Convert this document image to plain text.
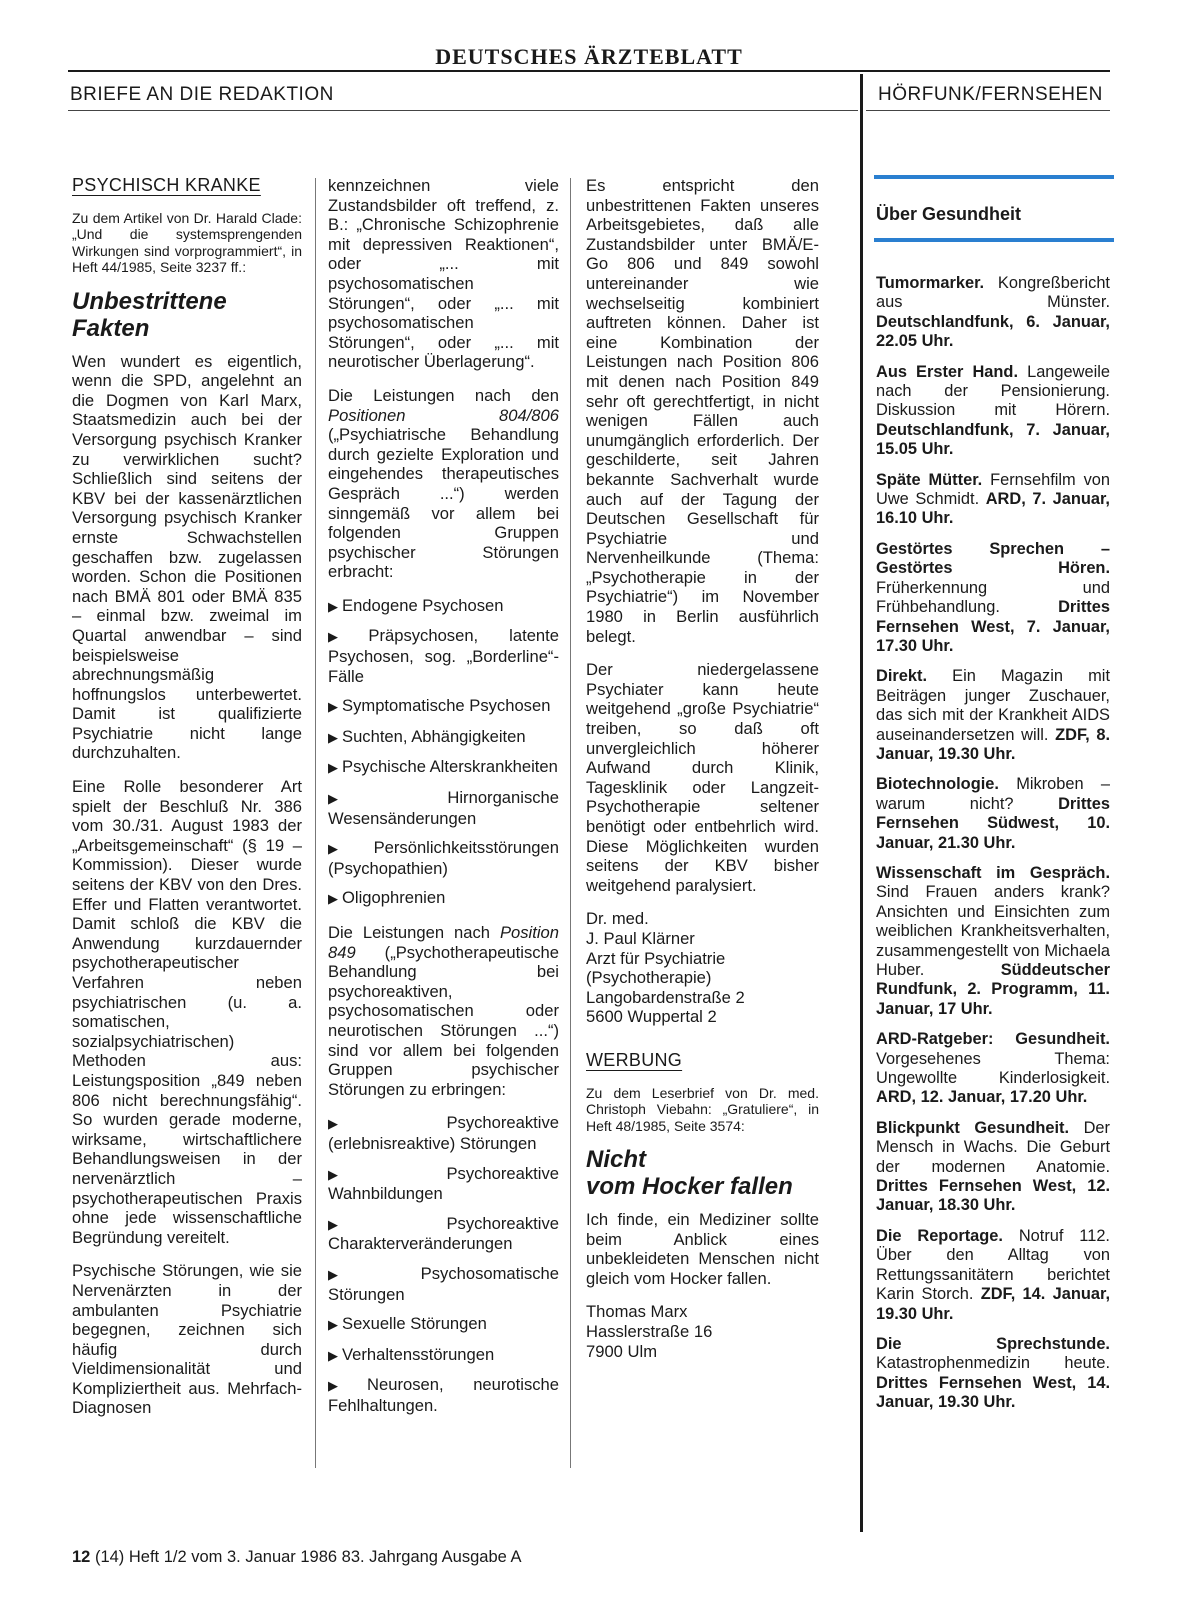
DEUTSCHES ÄRZTEBLATT
BRIEFE AN DIE REDAKTION	HÖRFUNK/FERNSEHEN
PSYCHISCH KRANKE
Zu dem Artikel von Dr. Harald Clade: „Und die systemsprengenden Wirkungen sind vorprogrammiert“, in Heft 44/1985, Seite 3237 ff.:
Unbestrittene
Fakten

Wen wundert es eigentlich, wenn die SPD, angelehnt an die Dogmen von Karl Marx, Staatsmedizin auch bei der Versorgung psychisch Kranker zu verwirklichen sucht? Schließlich sind seitens der KBV bei der kassenärztlichen Versorgung psychisch Kranker ernste Schwachstellen geschaffen bzw. zugelassen worden. Schon die Positionen nach BMÄ 801 oder BMÄ 835 – einmal bzw. zweimal im Quartal anwendbar – sind beispielsweise abrechnungsmäßig hoffnungslos unterbewertet. Damit ist qualifizierte Psychiatrie nicht lange durchzuhalten.

Eine Rolle besonderer Art spielt der Beschluß Nr. 386 vom 30./31. August 1983 der „Arbeitsgemeinschaft“ (§ 19 – Kommission). Dieser wurde seitens der KBV von den Dres. Effer und Flatten verantwortet. Damit schloß die KBV die Anwendung kurzdauernder psychotherapeutischer Verfahren neben psychiatrischen (u. a. somatischen, sozialpsychiatrischen) Methoden aus: Leistungsposition „849 neben 806 nicht berechnungsfähig“. So wurden gerade moderne, wirksame, wirtschaftlichere Behandlungsweisen in der nervenärztlich – psychotherapeutischen Praxis ohne jede wissenschaftliche Begründung vereitelt.

Psychische Störungen, wie sie Nervenärzten in der ambulanten Psychiatrie begegnen, zeichnen sich häufig durch Vieldimensionalität und Kompliziertheit aus. Mehrfach-Diagnosen

kennzeichnen viele Zustandsbilder oft treffend, z. B.: „Chronische Schizophrenie mit depressiven Reaktionen“, oder „... mit psychosomatischen Störungen“, oder „... mit psychosomatischen Störungen“, oder „... mit neurotischer Überlagerung“.

Die Leistungen nach den Positionen 804/806 („Psychiatrische Behandlung durch gezielte Exploration und eingehendes therapeutisches Gespräch ...“) werden sinngemäß vor allem bei folgenden Gruppen psychischer Störungen erbracht:

▶ Endogene Psychosen
▶ Präpsychosen, latente Psychosen, sog. „Borderline“-Fälle
▶ Symptomatische Psychosen
▶ Suchten, Abhängigkeiten
▶ Psychische Alterskrankheiten
▶ Hirnorganische Wesensänderungen
▶ Persönlichkeitsstörungen (Psychopathien)
▶ Oligophrenien

Die Leistungen nach Position 849 („Psychotherapeutische Behandlung bei psychoreaktiven, psychosomatischen oder neurotischen Störungen ...“) sind vor allem bei folgenden Gruppen psychischer Störungen zu erbringen:

▶ Psychoreaktive (erlebnisreaktive) Störungen
▶ Psychoreaktive Wahnbildungen
▶ Psychoreaktive Charakterveränderungen
▶ Psychosomatische Störungen
▶ Sexuelle Störungen
▶ Verhaltensstörungen
▶ Neurosen, neurotische Fehlhaltungen.

Es entspricht den unbestrittenen Fakten unseres Arbeitsgebietes, daß alle Zustandsbilder unter BMÄ/E-Go 806 und 849 sowohl untereinander wie wechselseitig kombiniert auftreten können. Daher ist eine Kombination der Leistungen nach Position 806 mit denen nach Position 849 sehr oft gerechtfertigt, in nicht wenigen Fällen auch unumgänglich erforderlich. Der geschilderte, seit Jahren bekannte Sachverhalt wurde auch auf der Tagung der Deutschen Gesellschaft für Psychiatrie und Nervenheilkunde (Thema: „Psychotherapie in der Psychiatrie“) im November 1980 in Berlin ausführlich belegt.

Der niedergelassene Psychiater kann heute weitgehend „große Psychiatrie“ treiben, so daß oft unvergleichlich höherer Aufwand durch Klinik, Tagesklinik oder Langzeit-Psychotherapie seltener benötigt oder entbehrlich wird. Diese Möglichkeiten wurden seitens der KBV bisher weitgehend paralysiert.

Dr. med.
J. Paul Klärner
Arzt für Psychiatrie
(Psychotherapie)
Langobardenstraße 2
5600 Wuppertal 2
WERBUNG
Zu dem Leserbrief von Dr. med. Christoph Viebahn: „Gratuliere“, in Heft 48/1985, Seite 3574:
Nicht
vom Hocker fallen

Ich finde, ein Mediziner sollte beim Anblick eines unbekleideten Menschen nicht gleich vom Hocker fallen.

Thomas Marx
Hasslerstraße 16
7900 Ulm
Über Gesundheit
Tumormarker. Kongreßbericht aus Münster. Deutschlandfunk, 6. Januar, 22.05 Uhr.
Aus Erster Hand. Langeweile nach der Pensionierung. Diskussion mit Hörern. Deutschlandfunk, 7. Januar, 15.05 Uhr.
Späte Mütter. Fernsehfilm von Uwe Schmidt. ARD, 7. Januar, 16.10 Uhr.
Gestörtes Sprechen – Gestörtes Hören. Früherkennung und Frühbehandlung. Drittes Fernsehen West, 7. Januar, 17.30 Uhr.
Direkt. Ein Magazin mit Beiträgen junger Zuschauer, das sich mit der Krankheit AIDS auseinandersetzen will. ZDF, 8. Januar, 19.30 Uhr.
Biotechnologie. Mikroben – warum nicht? Drittes Fernsehen Südwest, 10. Januar, 21.30 Uhr.
Wissenschaft im Gespräch. Sind Frauen anders krank? Ansichten und Einsichten zum weiblichen Krankheitsverhalten, zusammengestellt von Michaela Huber. Süddeutscher Rundfunk, 2. Programm, 11. Januar, 17 Uhr.
ARD-Ratgeber: Gesundheit. Vorgesehenes Thema: Ungewollte Kinderlosigkeit. ARD, 12. Januar, 17.20 Uhr.
Blickpunkt Gesundheit. Der Mensch in Wachs. Die Geburt der modernen Anatomie. Drittes Fernsehen West, 12. Januar, 18.30 Uhr.
Die Reportage. Notruf 112. Über den Alltag von Rettungssanitätern berichtet Karin Storch. ZDF, 14. Januar, 19.30 Uhr.
Die Sprechstunde. Katastrophenmedizin heute. Drittes Fernsehen West, 14. Januar, 19.30 Uhr.
12 (14) Heft 1/2 vom 3. Januar 1986 83. Jahrgang Ausgabe A
